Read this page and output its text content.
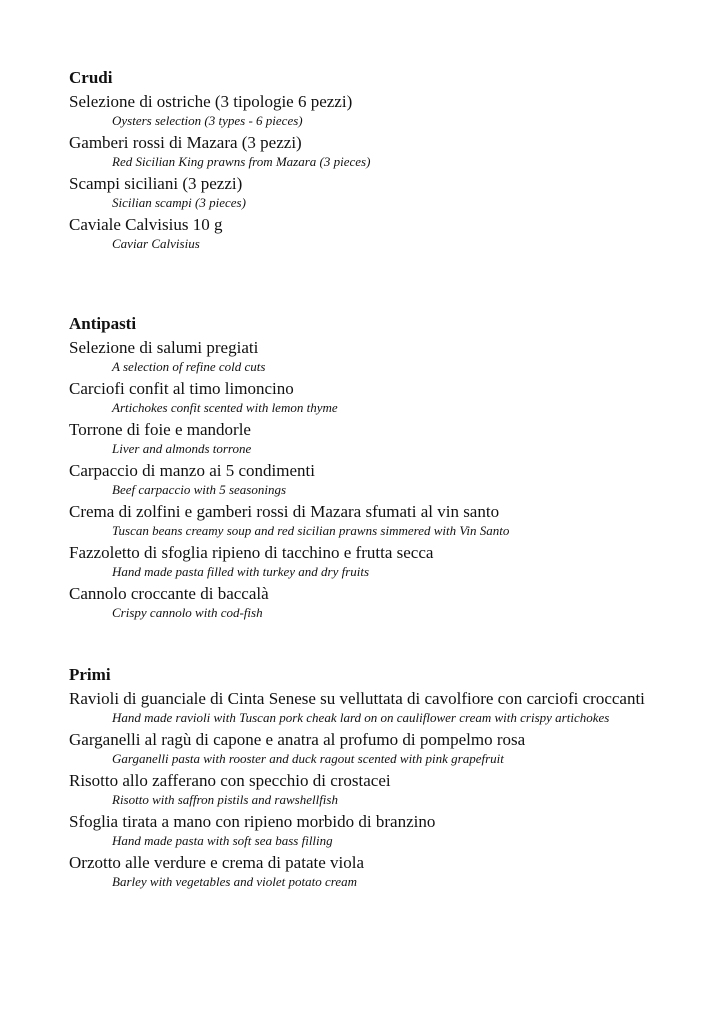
Crudi
Selezione di ostriche (3 tipologie 6 pezzi)
Oysters selection (3 types - 6 pieces)
Gamberi rossi di Mazara (3 pezzi)
Red Sicilian King prawns from Mazara (3 pieces)
Scampi siciliani (3 pezzi)
Sicilian scampi (3 pieces)
Caviale Calvisius 10 g
Caviar Calvisius
Antipasti
Selezione di salumi pregiati
A selection of refine cold cuts
Carciofi confit al timo limoncino
Artichokes confit scented with lemon thyme
Torrone di foie e mandorle
Liver and almonds torrone
Carpaccio di manzo ai 5 condimenti
Beef carpaccio with 5 seasonings
Crema di zolfini e gamberi rossi di Mazara sfumati al vin santo
Tuscan beans creamy soup and red sicilian prawns simmered with Vin Santo
Fazzoletto di sfoglia ripieno di tacchino e frutta secca
Hand made pasta filled with turkey and dry fruits
Cannolo croccante di baccalà
Crispy cannolo with cod-fish
Primi
Ravioli di guanciale di Cinta Senese su velluttata di cavolfiore con carciofi croccanti
Hand made ravioli with Tuscan pork cheak lard on on cauliflower cream with crispy artichokes
Garganelli al ragù di capone e anatra al profumo di pompelmo rosa
Garganelli pasta with rooster and duck ragout scented with pink grapefruit
Risotto allo zafferano con specchio di crostacei
Risotto with saffron pistils and rawshellfish
Sfoglia tirata a mano con ripieno morbido di branzino
Hand made pasta with soft sea bass filling
Orzotto alle verdure e crema di patate viola
Barley with vegetables and violet potato cream
